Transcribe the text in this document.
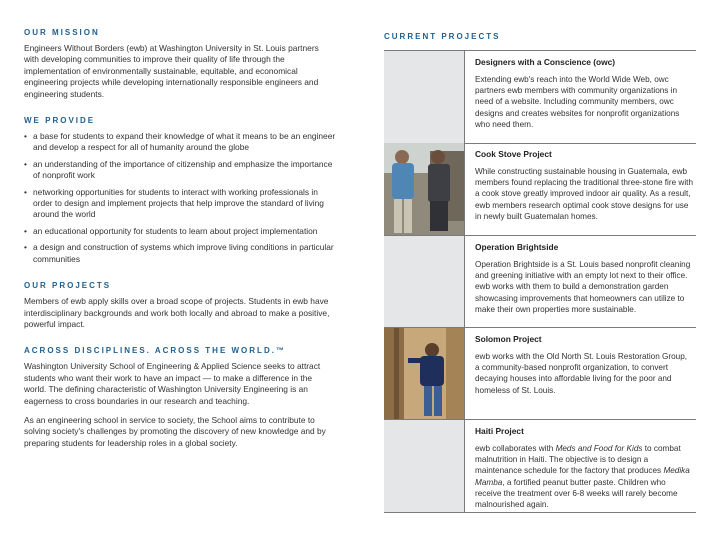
OUR MISSION

Engineers Without Borders (ewb) at Washington University in St. Louis partners with developing communities to improve their quality of life through the implementation of environmentally sustainable, equitable, and economical engineering projects while developing internationally responsible engineers and engineering students.

WE PROVIDE
• a base for students to expand their knowledge of what it means to be an engineer and develop a respect for all of humanity around the globe
• an understanding of the importance of citizenship and emphasize the importance of nonprofit work
• networking opportunities for students to interact with working professionals in order to design and implement projects that help improve the standard of living around the world
• an educational opportunity for students to learn about project implementation
• a design and construction of systems which improve living conditions in particular communities
OUR PROJECTS

Members of ewb apply skills over a broad scope of projects. Students in ewb have interdisciplinary backgrounds and work both locally and abroad to make a positive, powerful impact.

ACROSS DISCIPLINES. ACROSS THE WORLD.™

Washington University School of Engineering & Applied Science seeks to attract students who want their work to have an impact — to make a difference in the world. The defining characteristic of Washington University Engineering is an eagerness to cross boundaries in our research and teaching.

As an engineering school in service to society, the School aims to contribute to solving society's challenges by promoting the discovery of new knowledge and by preparing students for leadership roles in a global society.

CURRENT PROJECTS
Designers with a Conscience (owc)

Extending ewb's reach into the World Wide Web, owc partners ewb members with community organizations in need of a website. Including community members, owc designs and creates websites for nonprofit organizations who need them.

Cook Stove Project

While constructing sustainable housing in Guatemala, ewb members found replacing the traditional three-stone fire with a cook stove greatly improved indoor air quality. As a result, ewb members research optimal cook stove designs for use in newly built Guatemalan homes.

Operation Brightside

Operation Brightside is a St. Louis based nonprofit cleaning and greening initiative with an empty lot next to their office. ewb works with them to build a demonstration garden showcasing improvements that homeowners can utilize to make their own properties more sustainable.

Solomon Project

ewb works with the Old North St. Louis Restoration Group, a community-based nonprofit organization, to convert decaying houses into affordable living for the poor and homeless of St. Louis.

Haiti Project

ewb collaborates with Meds and Food for Kids to combat malnutrition in Haiti. The objective is to design a maintenance schedule for the factory that produces Medika Mamba, a fortified peanut butter paste. Children who receive the treatment over 6-8 weeks will rarely become malnourished again.
